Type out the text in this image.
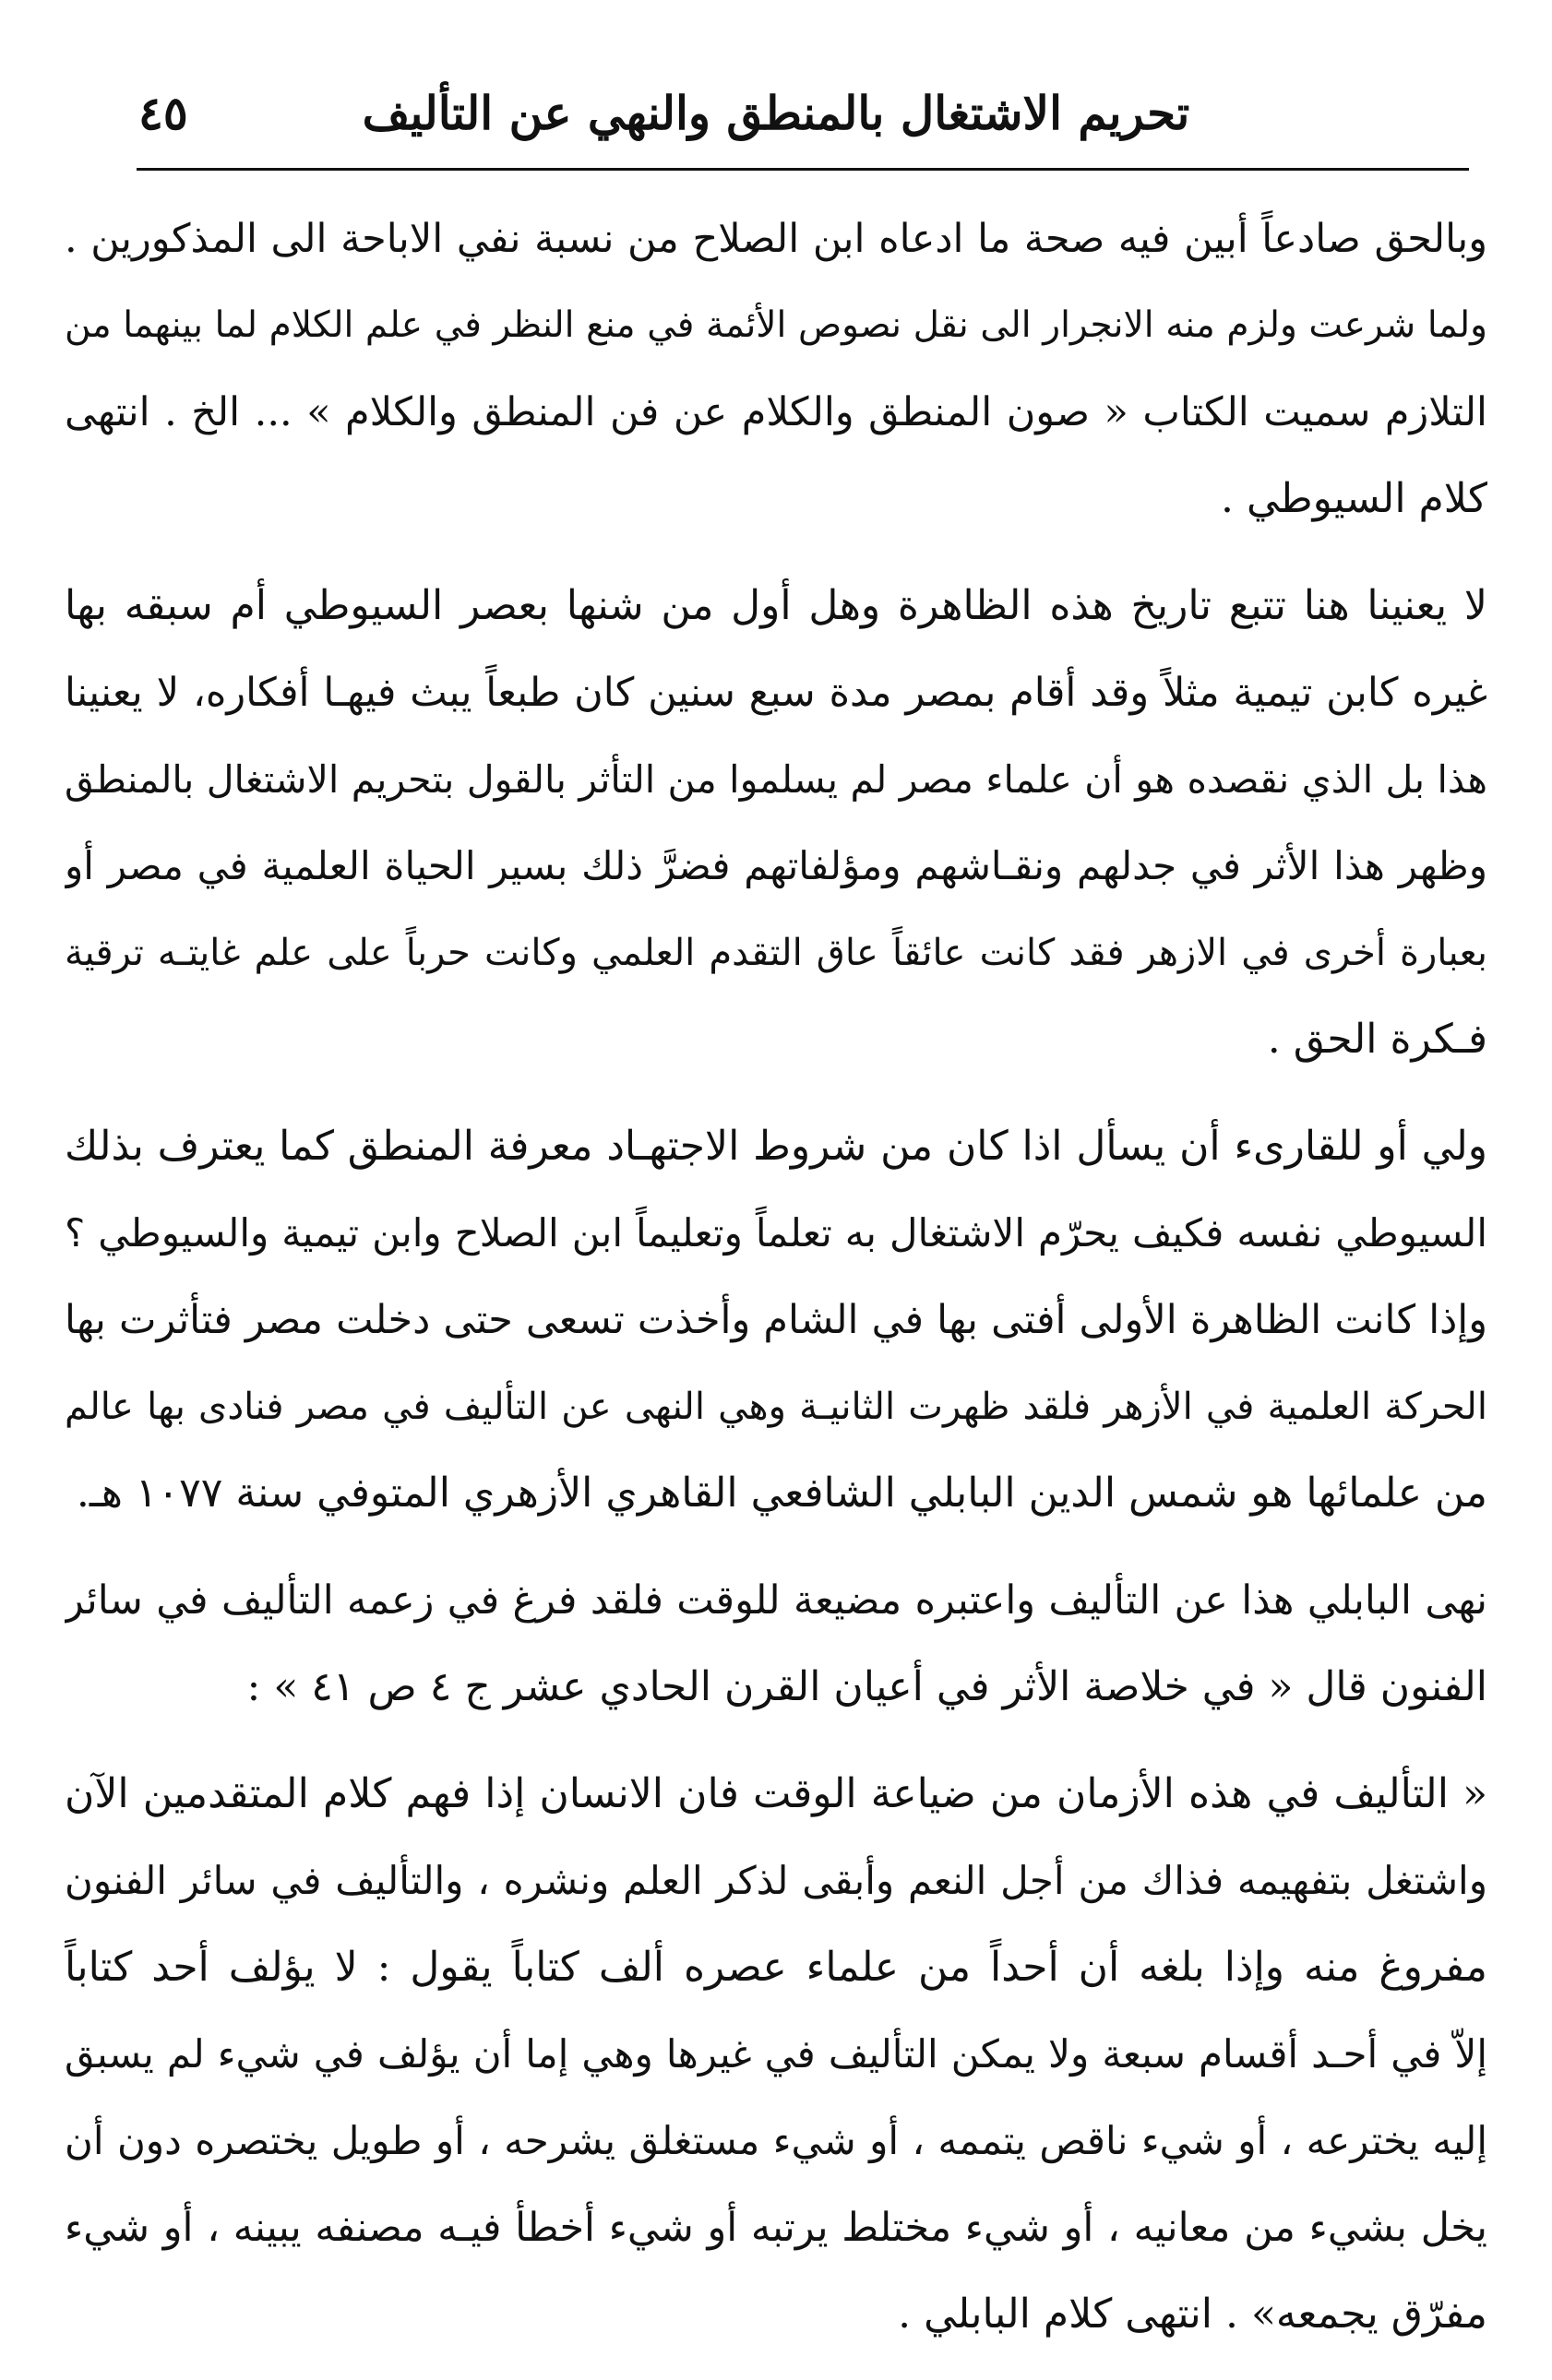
تحريم الاشتغال بالمنطق والنهي عن التأليف
٤٥

وبالحق صادعاً أبين فيه صحة ما ادعاه ابن الصلاح من نسبة نفي الاباحة الى المذكورين .
ولما شرعت ولزم منه الانجرار الى نقل نصوص الأئمة في منع النظر في علم الكلام لما بينهما من
التلازم سميت الكتاب « صون المنطق والكلام عن فن المنطق والكلام » ... الخ . انتهى
كلام السيوطي .

لا يعنينا هنا تتبع تاريخ هذه الظاهرة وهل أول من شنها بعصر السيوطي أم سبقه بها
غيره كابن تيمية مثلاً وقد أقام بمصر مدة سبع سنين كان طبعاً يبث فيهـا أفكاره، لا يعنينا
هذا بل الذي نقصده هو أن علماء مصر لم يسلموا من التأثر بالقول بتحريم الاشتغال بالمنطق
وظهر هذا الأثر في جدلهم ونقـاشهم ومؤلفاتهم فضرَّ ذلك بسير الحياة العلمية في مصر أو
بعبارة أخرى في الازهر فقد كانت عائقاً عاق التقدم العلمي وكانت حرباً على علم غايتـه ترقية
فـكرة الحق .

ولي أو للقارىء أن يسأل اذا كان من شروط الاجتهـاد معرفة المنطق كما يعترف بذلك
السيوطي نفسه فكيف يحرّم الاشتغال به تعلماً وتعليماً ابن الصلاح وابن تيمية والسيوطي ؟
وإذا كانت الظاهرة الأولى أفتى بها في الشام وأخذت تسعى حتى دخلت مصر فتأثرت بها
الحركة العلمية في الأزهر فلقد ظهرت الثانيـة وهي النهى عن التأليف في مصر فنادى بها عالم
من علمائها هو شمس الدين البابلي الشافعي القاهري الأزهري المتوفي سنة ١٠٧٧ هـ.

نهى البابلي هذا عن التأليف واعتبره مضيعة للوقت فلقد فرغ في زعمه التأليف في سائر
الفنون قال « في خلاصة الأثر في أعيان القرن الحادي عشر ج ٤ ص ٤١ » :

« التأليف في هذه الأزمان من ضياعة الوقت فان الانسان إذا فهم كلام المتقدمين الآن
واشتغل بتفهيمه فذاك من أجل النعم وأبقى لذكر العلم ونشره ، والتأليف في سائر الفنون
مفروغ منه وإذا بلغه أن أحداً من علماء عصره ألف كتاباً يقول : لا يؤلف أحد كتاباً
إلاّ في أحـد أقسام سبعة ولا يمكن التأليف في غيرها وهي إما أن يؤلف في شيء لم يسبق
إليه يخترعه ، أو شيء ناقص يتممه ، أو شيء مستغلق يشرحه ، أو طويل يختصره دون أن
يخل بشيء من معانيه ، أو شيء مختلط يرتبه أو شيء أخطأ فيـه مصنفه يبينه ، أو شيء
مفرّق يجمعه» . انتهى كلام البابلي .
